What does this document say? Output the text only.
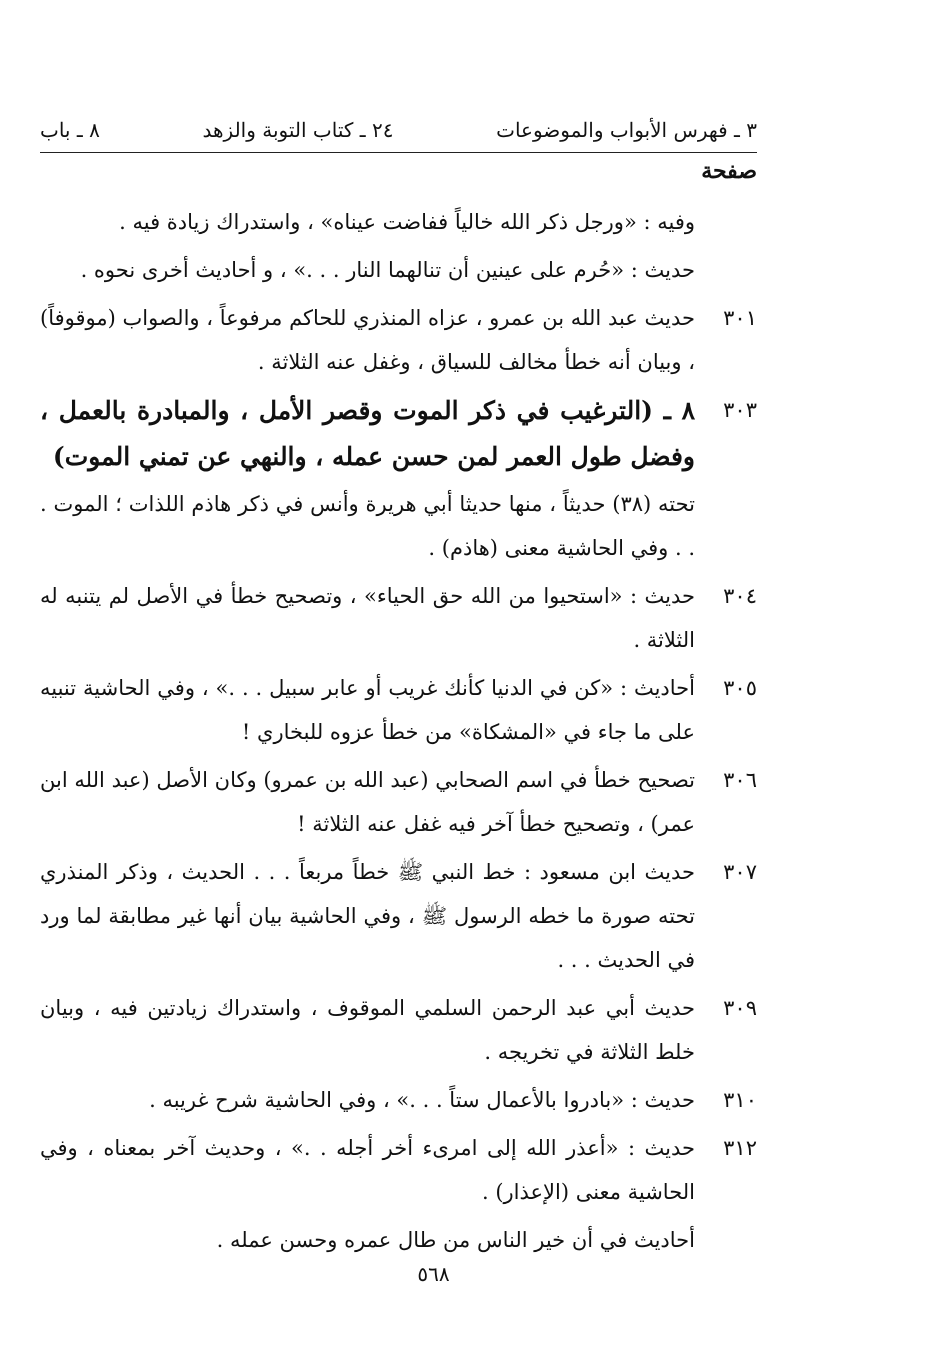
٣ ـ فهرس الأبواب والموضوعات
٢٤ ـ كتاب التوبة والزهد
٨ ـ باب
صفحة
وفيه : «ورجل ذكر الله خالياً ففاضت عيناه» ، واستدراك زيادة فيه .
حديث : «حُرم على عينين أن تنالهما النار . . .» ، و أحاديث أخرى نحوه .
٣٠١
حديث عبد الله بن عمرو ، عزاه المنذري للحاكم مرفوعاً ، والصواب (موقوفاً) ، وبيان أنه خطأ مخالف للسياق ، وغفل عنه الثلاثة .
٣٠٣
٨ ـ (الترغيب في ذكر الموت وقصر الأمل ، والمبادرة بالعمل ، وفضل طول العمر لمن حسن عمله ، والنهي عن تمني الموت)
تحته (٣٨) حديثاً ، منها حديثا أبي هريرة وأنس في ذكر هاذم اللذات ؛ الموت . . . وفي الحاشية معنى (هاذم) .
٣٠٤
حديث : «استحيوا من الله حق الحياء» ، وتصحيح خطأ في الأصل لم يتنبه له الثلاثة .
٣٠٥
أحاديث : «كن في الدنيا كأنك غريب أو عابر سبيل . . .» ، وفي الحاشية تنبيه على ما جاء في «المشكاة» من خطأ عزوه للبخاري !
٣٠٦
تصحيح خطأ في اسم الصحابي (عبد الله بن عمرو) وكان الأصل (عبد الله ابن عمر) ، وتصحيح خطأ آخر فيه غفل عنه الثلاثة !
٣٠٧
حديث ابن مسعود : خط النبي ﷺ خطاً مربعاً . . . الحديث ، وذكر المنذري تحته صورة ما خطه الرسول ﷺ ، وفي الحاشية بيان أنها غير مطابقة لما ورد في الحديث . . .
٣٠٩
حديث أبي عبد الرحمن السلمي الموقوف ، واستدراك زيادتين فيه ، وبيان خلط الثلاثة في تخريجه .
٣١٠
حديث : «بادروا بالأعمال ستاً . . .» ، وفي الحاشية شرح غريبه .
٣١٢
حديث : «أعذر الله إلى امرىء أخر أجله . .» ، وحديث آخر بمعناه ، وفي الحاشية معنى (الإعذار) .
أحاديث في أن خير الناس من طال عمره وحسن عمله .
٥٦٨
